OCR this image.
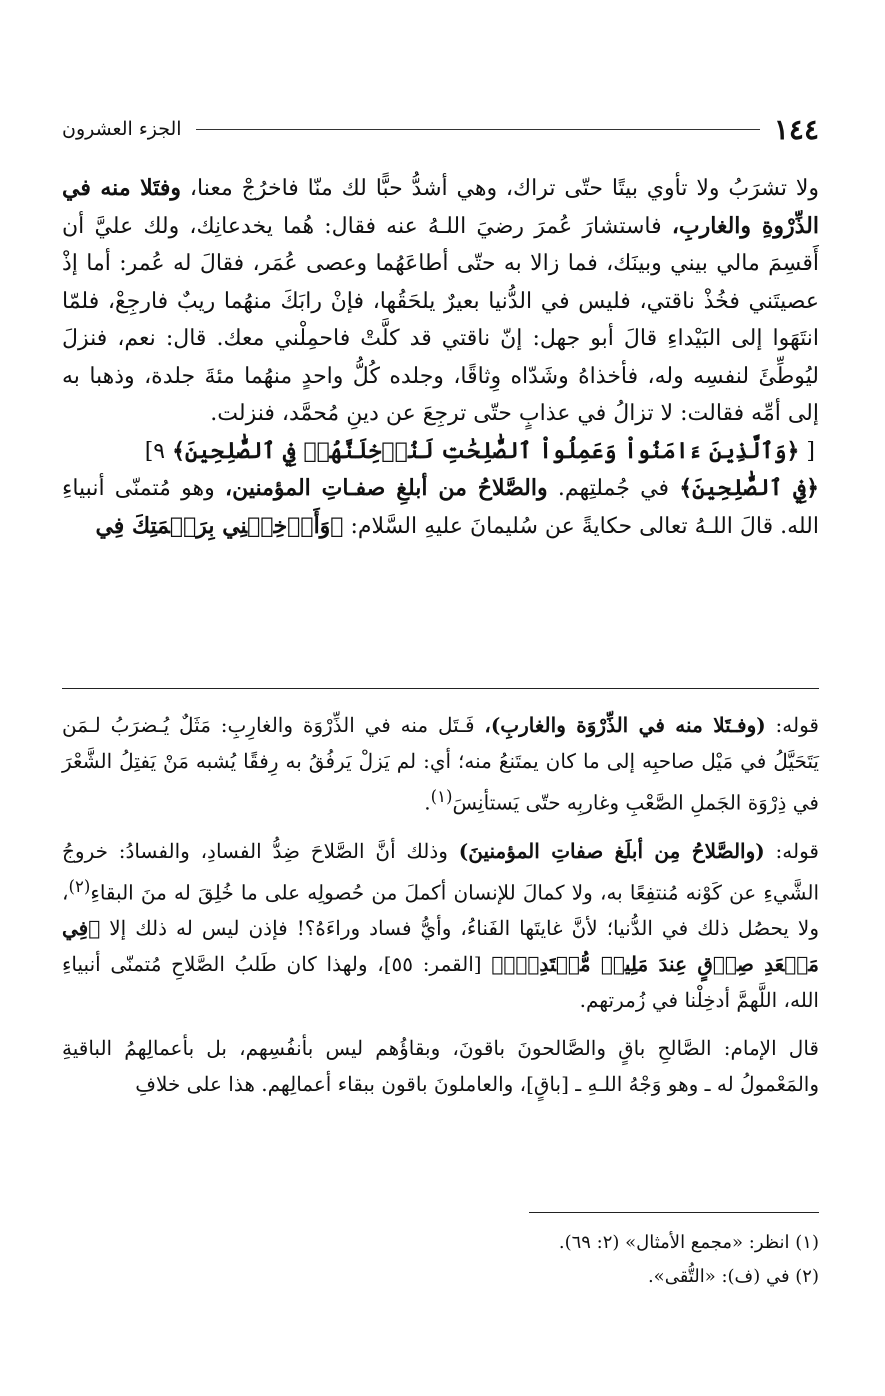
١٤٤
الجزء العشرون

ولا تشرَبُ ولا تأوي بيتًا حتّى تراك، وهي أشدُّ حبًّا لك منّا فاخرُجْ معنا، وفتَلا منه في الذِّرْوةِ والغاربِ، فاستشارَ عُمرَ رضيَ اللـهُ عنه فقال: هُما يخدعانِك، ولك عليَّ أن أَقسِمَ مالي بيني وبينَك، فما زالا به حتّى أطاعَهُما وعصى عُمَر، فقالَ له عُمر: أما إذْ عصيتَني فخُذْ ناقتي، فليس في الدُّنيا بعيرٌ يلحَقُها، فإنْ رابَكَ منهُما ريبٌ فارجِعْ، فلمّا انتَهَوا إلى البَيْداءِ قالَ أبو جهل: إنّ ناقتي قد كلَّتْ فاحمِلْني معك. قال: نعم، فنزلَ ليُوطِّئَ لنفسِه وله، فأخذاهُ وشَدّاه وِثاقًا، وجلده كُلُّ واحدٍ منهُما مئةَ جلدة، وذهبا به إلى أمِّه فقالت: لا تزالُ في عذابٍ حتّى ترجِعَ عن دينِ مُحمَّد، فنزلت.

[ ﴿وَٱلَّذِينَ ءَامَنُواْ وَعَمِلُواْ ٱلصَّٰلِحَٰتِ لَنُدۡخِلَنَّهُمۡ فِي ٱلصَّٰلِحِينَ﴾ ٩]

﴿فِي ٱلصَّٰلِحِينَ﴾ في جُملتِهم. والصَّلاحُ من أبلغِ صفـاتِ المؤمنين، وهو مُتمنّى أنبياءِ الله. قالَ اللـهُ تعالى حكايةً عن سُليمانَ عليهِ السَّلام: ﴿وَأَدۡخِلۡنِي بِرَحۡمَتِكَ فِي

قوله: (وفـتَلا منه في الذِّرْوَة والغاربِ)، فَـتَل منه في الذِّرْوَة والغارِبِ: مَثَلٌ يُـضرَبُ لـمَن يَتَحَيَّلُ في مَيْل صاحبِه إلى ما كان يمتَنعُ منه؛ أي: لم يَزلْ يَرفُقُ به رِفقًا يُشبه مَنْ يَفتِلُ الشَّعْرَ في ذِرْوَة الجَملِ الصَّعْبِ وغاربِه حتّى يَستأنِسَ$^{(١)}$.

قوله: (والصَّلاحُ مِن أبلَغ صفاتِ المؤمنينَ) وذلك أنَّ الصَّلاحَ ضِدُّ الفسادِ، والفسادُ: خروجُ الشَّيءِ عن كَوْنه مُنتفِعًا به، ولا كمالَ للإنسان أكملَ من حُصولِه على ما خُلِقَ له منَ البقاءِ$^{(٢)}$، ولا يحصُل ذلك في الدُّنيا؛ لأنَّ غايتَها الفَناءُ، وأيُّ فساد وراءَهُ؟! فإذن ليس له ذلك إلا ﴿فِي مَقۡعَدِ صِدۡقٍ عِندَ مَلِيكٖ مُّقۡتَدِرِۭ﴾ [القمر: ٥٥]، ولهذا كان طَلبُ الصَّلاحِ مُتمنّى أنبياءِ الله، اللَّهمَّ أدخِلْنا في زُمرتهم.

قال الإمام: الصَّالحِ باقٍ والصَّالحونَ باقونَ، وبقاؤُهم ليس بأنفُسِهم، بل بأعمالِهمُ الباقيةِ والمَعْمولُ له ـ وهو وَجْهُ اللـهِ ـ [باقٍ]، والعاملونَ باقون ببقاء أعمالِهم. هذا على خلافِ

(١) انظر: «مجمع الأمثال» (٢: ٦٩).

(٢) في (ف): «التُّقى».
